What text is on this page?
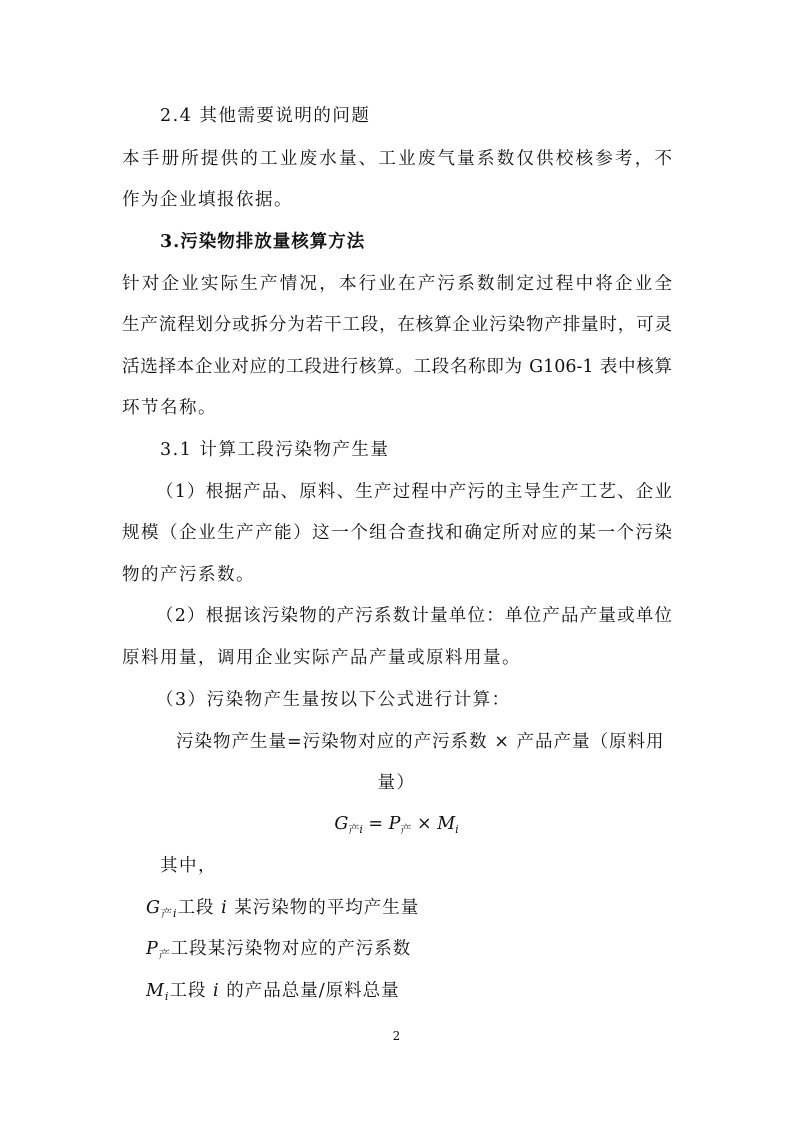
2.4 其他需要说明的问题
本手册所提供的工业废水量、工业废气量系数仅供校核参考，不
作为企业填报依据。
3.污染物排放量核算方法
针对企业实际生产情况，本行业在产污系数制定过程中将企业全
生产流程划分或拆分为若干工段，在核算企业污染物产排量时，可灵
活选择本企业对应的工段进行核算。工段名称即为 G106-1 表中核算
环节名称。
3.1 计算工段污染物产生量
（1）根据产品、原料、生产过程中产污的主导生产工艺、企业
规模（企业生产产能）这一个组合查找和确定所对应的某一个污染
物的产污系数。
（2）根据该污染物的产污系数计量单位：单位产品产量或单位
原料用量，调用企业实际产品产量或原料用量。
（3）污染物产生量按以下公式进行计算：
污染物产生量=污染物对应的产污系数 × 产品产量（原料用
量）
$G_{产i} = P_产 \times M_i$
其中，
$G_{产i}$工段 i 某污染物的平均产生量
$P_产$工段某污染物对应的产污系数
$M_i$工段 i 的产品总量/原料总量
2
